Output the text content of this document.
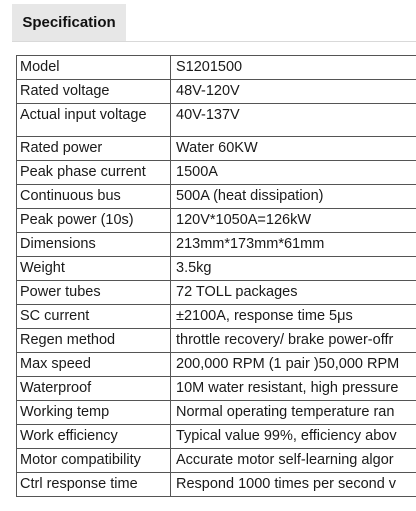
Specification
Model	S1201500
Rated voltage	48V-120V
Actual input voltage	40V-137V
Rated power	Water 60KW
Peak phase current	1500A
Continuous bus	500A (heat dissipation)
Peak power (10s)	120V*1050A=126kW
Dimensions	213mm*173mm*61mm
Weight	3.5kg
Power tubes	72 TOLL packages
SC current	±2100A, response time 5μs
Regen method	throttle recovery/ brake power-offr
Max speed	200,000 RPM (1 pair )50,000 RPM
Waterproof	10M water resistant, high pressure
Working temp	Normal operating temperature ran
Work efficiency	Typical value 99%, efficiency abov
Motor compatibility	Accurate motor self-learning algor
Ctrl response time	Respond 1000 times per second v
